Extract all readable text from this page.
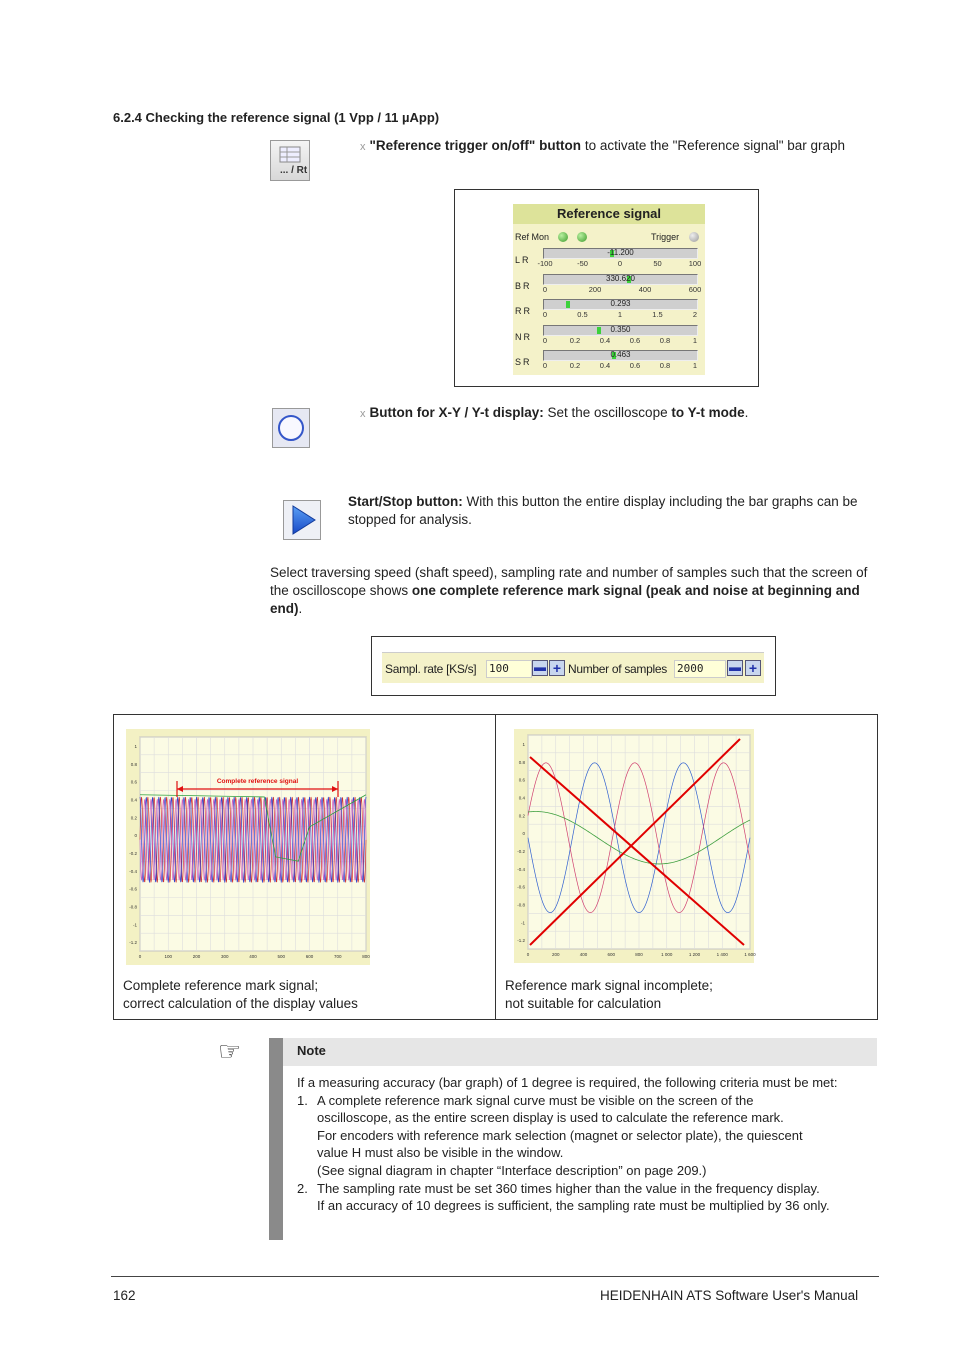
6.2.4 Checking the reference signal (1 Vpp / 11 µApp)
... / Rt
x "Reference trigger on/off" button to activate the "Reference signal" bar graph
Reference signal
Ref Mon	Trigger
LR
-11.200
-100	-50	0	50	100
BR
330.620
0	200	400	600
RR
0.293
0	0.5	1	1.5	2
NR
0.350
0	0.2	0.4	0.6	0.8	1
SR
0.463
0	0.2	0.4	0.6	0.8	1
x Button for X-Y / Y-t display: Set the oscilloscope to Y-t mode.
Start/Stop button: With this button the entire display including the bar graphs can be stopped for analysis.
Select traversing speed (shaft speed), sampling rate and number of samples such that the screen of the oscilloscope shows one complete reference mark signal (peak and noise at beginning and end).
Sampl. rate [KS/s] 100	▬ + Number of samples 2000	▬ +
1
0.8
0.6
0.4
0.2
0
-0.2
-0.4
-0.6
-0.8
-1
-1.2
0	100	200	300	400	500	600	700	800
Complete reference signal
Complete reference mark signal;
correct calculation of the display values
1
0.8
0.6
0.4
0.2
0
-0.2
-0.4
-0.6
-0.8
-1
-1.2
0	200	400	600	800	1 000	1 200	1 400	1 600
Reference mark signal incomplete;
not suitable for calculation
☞	Note
If a measuring accuracy (bar graph) of 1 degree is required, the following criteria must be met:
1. A complete reference mark signal curve must be visible on the screen of the
oscilloscope, as the entire screen display is used to calculate the reference mark.
For encoders with reference mark selection (magnet or selector plate), the quiescent
value H must also be visible in the window.
(See signal diagram in chapter “Interface description” on page 209.)
2. The sampling rate must be set 360 times higher than the value in the frequency display.
If an accuracy of 10 degrees is sufficient, the sampling rate must be multiplied by 36 only.
162	HEIDENHAIN ATS Software User's Manual
